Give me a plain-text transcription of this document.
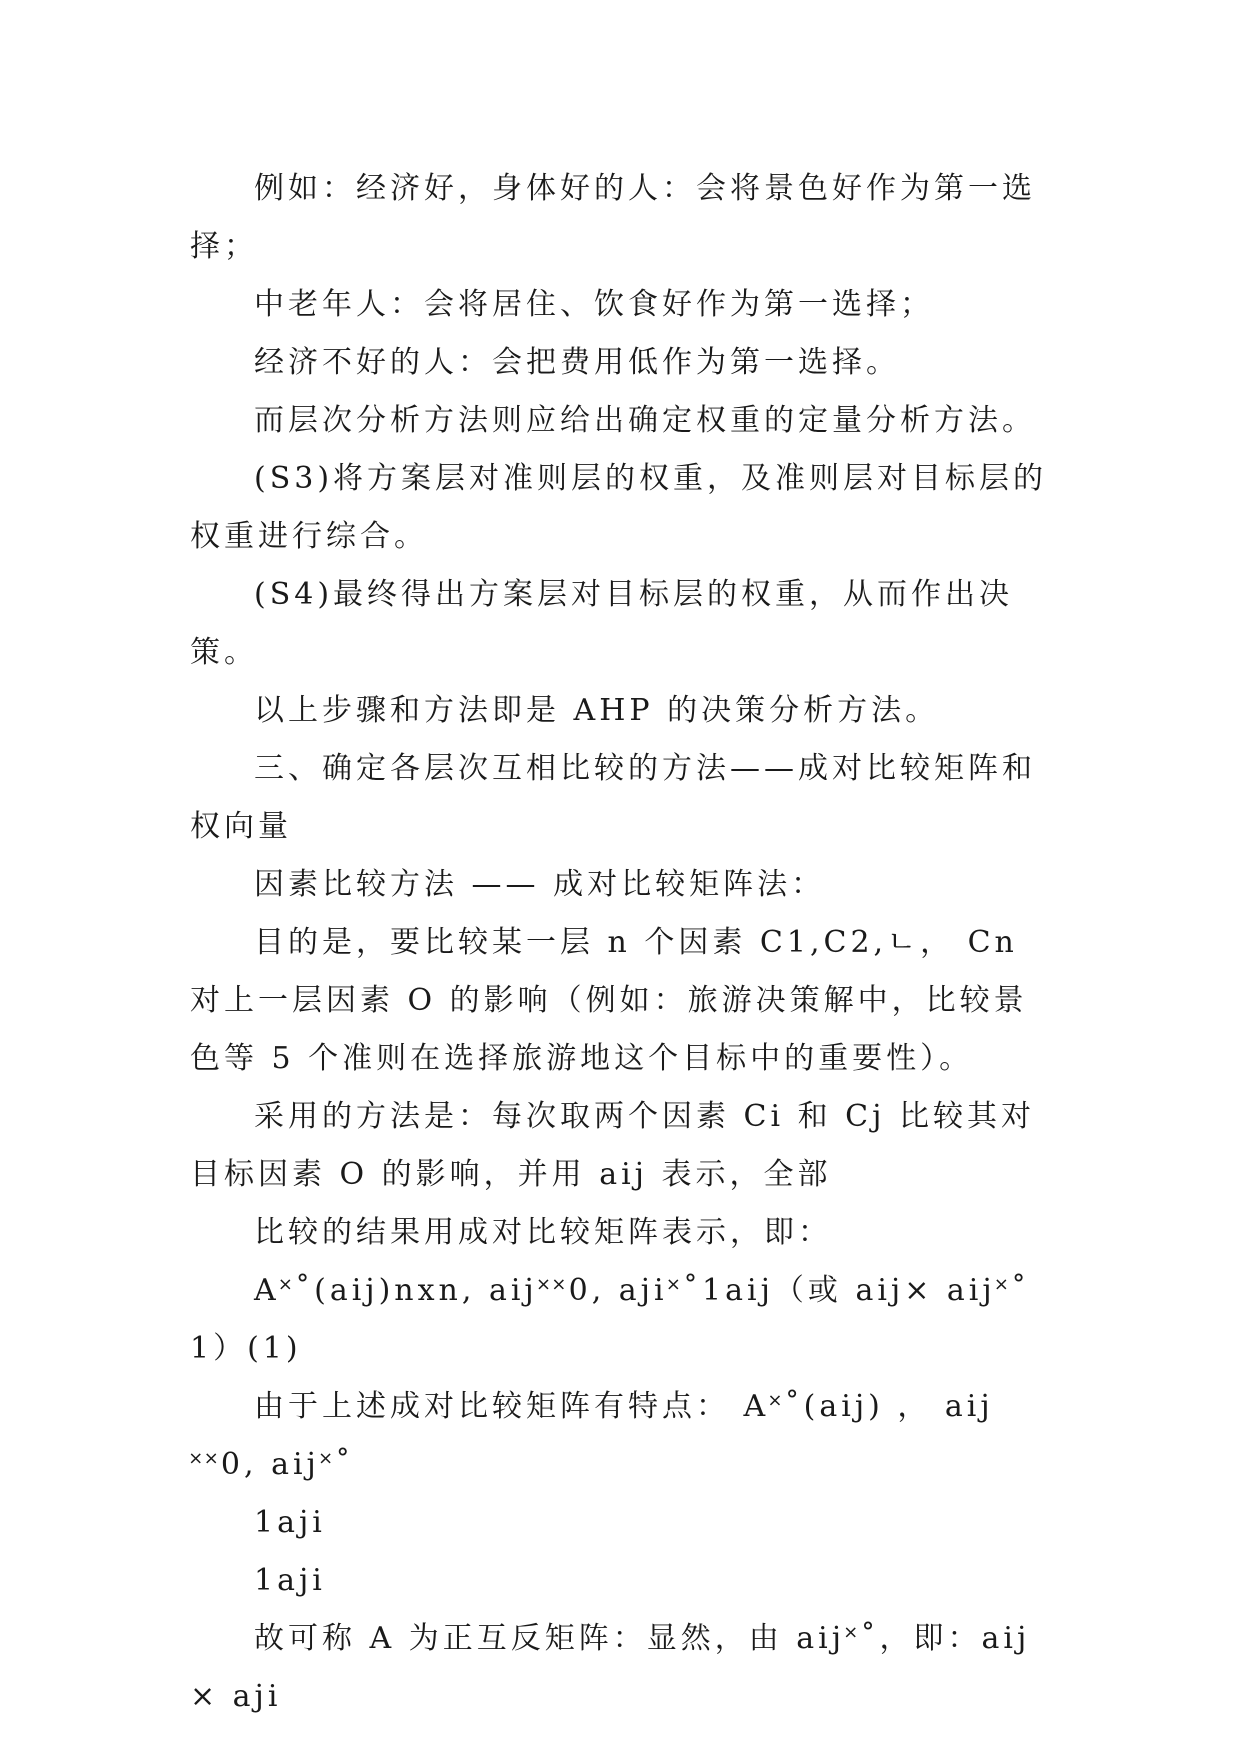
例如：经济好，身体好的人：会将景色好作为第一选择；

中老年人：会将居住、饮食好作为第一选择；

经济不好的人：会把费用低作为第一选择。

而层次分析方法则应给出确定权重的定量分析方法。

(S3)将方案层对准则层的权重，及准则层对目标层的权重进行综合。

(S4)最终得出方案层对目标层的权重，从而作出决策。

以上步骤和方法即是 AHP 的决策分析方法。

三、确定各层次互相比较的方法——成对比较矩阵和权向量

因素比较方法 —— 成对比较矩阵法：

目的是，要比较某一层 n 个因素 C1,C2,ㄴ， Cn 对上一层因素 O 的影响（例如：旅游决策解中，比较景色等 5 个准则在选择旅游地这个目标中的重要性）。

采用的方法是：每次取两个因素 Ci 和 Cj 比较其对目标因素 O 的影响，并用 aij 表示，全部

比较的结果用成对比较矩阵表示，即：

A˟˚(aij)nxn, aij˟˟0, aji˟˚1aij（或 aij× aij˟˚1）(1)

由于上述成对比较矩阵有特点： A˟˚(aij) ， aij˟˟0, aij˟˚

1aji

1aji

故可称 A 为正互反矩阵：显然，由 aij˟˚，即：aij× aji
